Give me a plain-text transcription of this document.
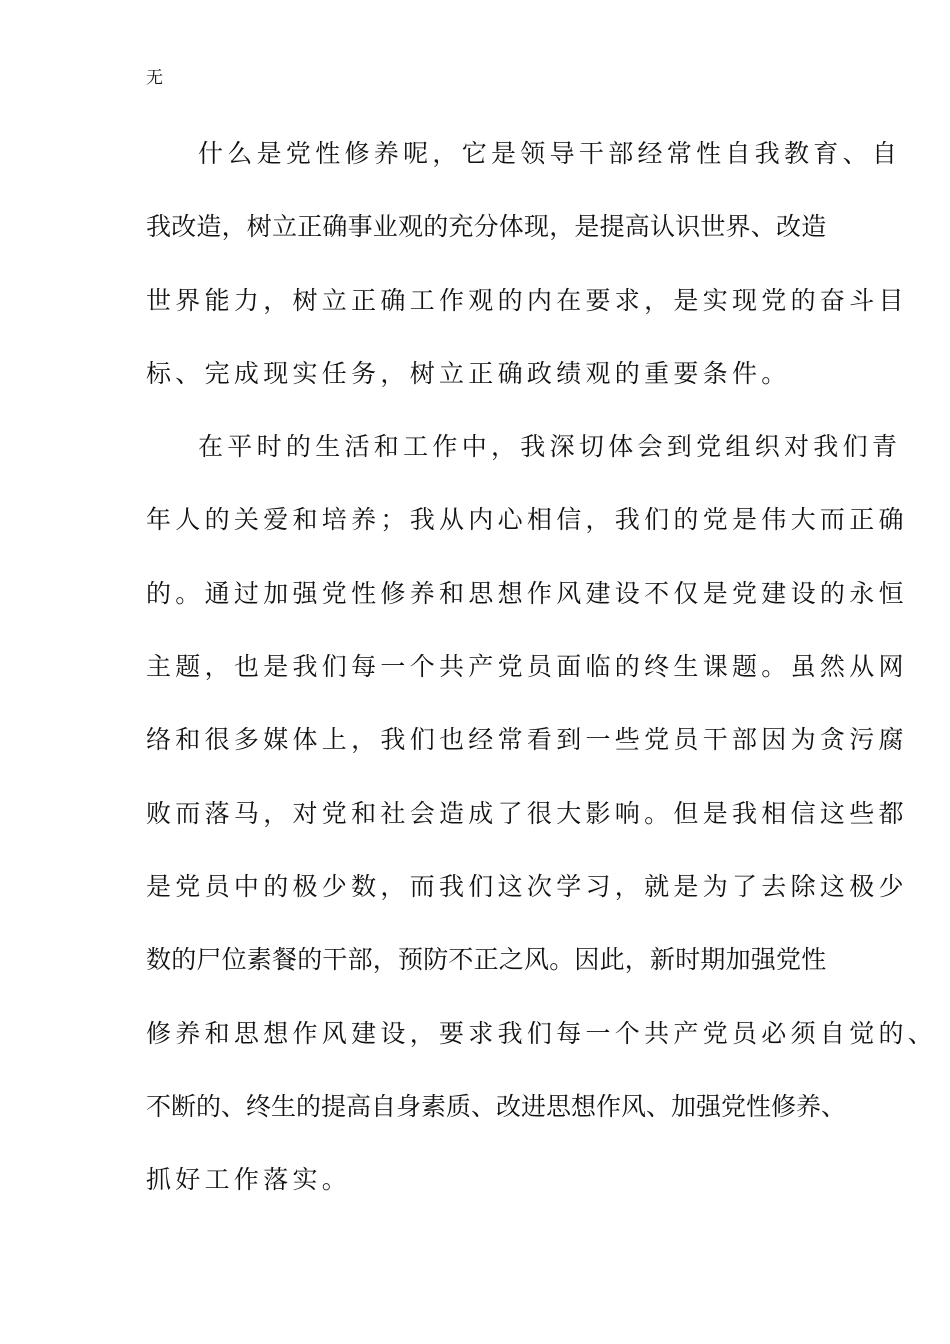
无
什么是党性修养呢，它是领导干部经常性自我教育、自
我改造，树立正确事业观的充分体现，是提高认识世界、改造
世界能力，树立正确工作观的内在要求，是实现党的奋斗目
标、完成现实任务，树立正确政绩观的重要条件。
在平时的生活和工作中，我深切体会到党组织对我们青
年人的关爱和培养；我从内心相信，我们的党是伟大而正确
的。通过加强党性修养和思想作风建设不仅是党建设的永恒
主题，也是我们每一个共产党员面临的终生课题。虽然从网
络和很多媒体上，我们也经常看到一些党员干部因为贪污腐
败而落马，对党和社会造成了很大影响。但是我相信这些都
是党员中的极少数，而我们这次学习，就是为了去除这极少
数的尸位素餐的干部，预防不正之风。因此，新时期加强党性
修养和思想作风建设，要求我们每一个共产党员必须自觉的、
不断的、终生的提高自身素质、改进思想作风、加强党性修养、
抓好工作落实。
